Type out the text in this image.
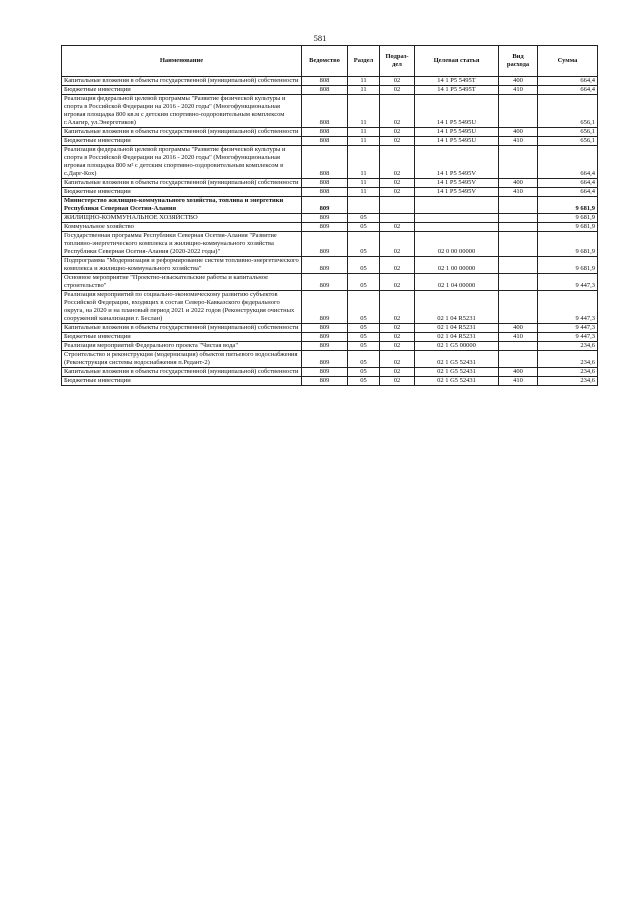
581
Наименование	Ведомство	Раздел	Подраз-дел	Целевая статья	Вид расхода	Сумма
Капитальные вложения в объекты государственной (муниципальной) собственности	808	11	02	14 1 P5 5495T	400	664,4
Бюджетные инвестиции	808	11	02	14 1 P5 5495T	410	664,4
Реализация федеральной целевой программы "Развитие физической культуры и спорта в Российской Федерации на 2016 - 2020 годы" (Многофункциональная игровая площадка 800 кв.м с детским спортивно-оздоровительным комплексом г.Алагир, ул.Энергетиков)	808	11	02	14 1 P5 5495U		656,1
Капитальные вложения в объекты государственной (муниципальной) собственности	808	11	02	14 1 P5 5495U	400	656,1
Бюджетные инвестиции	808	11	02	14 1 P5 5495U	410	656,1
Реализация федеральной целевой программы "Развитие физической культуры и спорта в Российской Федерации на 2016 - 2020 годы" (Многофункциональная игровая площадка 800 м² с детским спортивно-оздоровительным комплексом в с.Дарг-Кох)	808	11	02	14 1 P5 5495V		664,4
Капитальные вложения в объекты государственной (муниципальной) собственности	808	11	02	14 1 P5 5495V	400	664,4
Бюджетные инвестиции	808	11	02	14 1 P5 5495V	410	664,4
Министерство жилищно-коммунального хозяйства, топлива и энергетики Республики Северная Осетия-Алания	809					9 681,9
ЖИЛИЩНО-КОММУНАЛЬНОЕ ХОЗЯЙСТВО	809	05				9 681,9
Коммунальное хозяйство	809	05	02			9 681,9
Государственная программа Республики Северная Осетия-Алания "Развитие топливно-энергетического комплекса и жилищно-коммунального хозяйства Республики Северная Осетия-Алания (2020-2022 годы)"	809	05	02	02 0 00 00000		9 681,9
Подпрограмма "Модернизация и реформирование систем топливно-энергетического комплекса и жилищно-коммунального хозяйства"	809	05	02	02 1 00 00000		9 681,9
Основное мероприятие "Проектно-изыскательские работы и капитальное строительство"	809	05	02	02 1 04 00000		9 447,3
Реализация мероприятий по социально-экономическому развитию субъектов Российской Федерации, входящих в состав Северо-Кавказского федерального округа, на 2020 и на плановый период 2021 и 2022 годов (Реконструкция очистных сооружений канализации г. Беслан)	809	05	02	02 1 04 R5231		9 447,3
Капитальные вложения в объекты государственной (муниципальной) собственности	809	05	02	02 1 04 R5231	400	9 447,3
Бюджетные инвестиции	809	05	02	02 1 04 R5231	410	9 447,3
Реализация мероприятий Федерального проекта "Чистая вода"	809	05	02	02 1 G5 00000		234,6
Строительство и реконструкция (модернизация) объектов питьевого водоснабжения (Реконструкция системы водоснабжения п.Редант-2)	809	05	02	02 1 G5 52431		234,6
Капитальные вложения в объекты государственной (муниципальной) собственности	809	05	02	02 1 G5 52431	400	234,6
Бюджетные инвестиции	809	05	02	02 1 G5 52431	410	234,6
